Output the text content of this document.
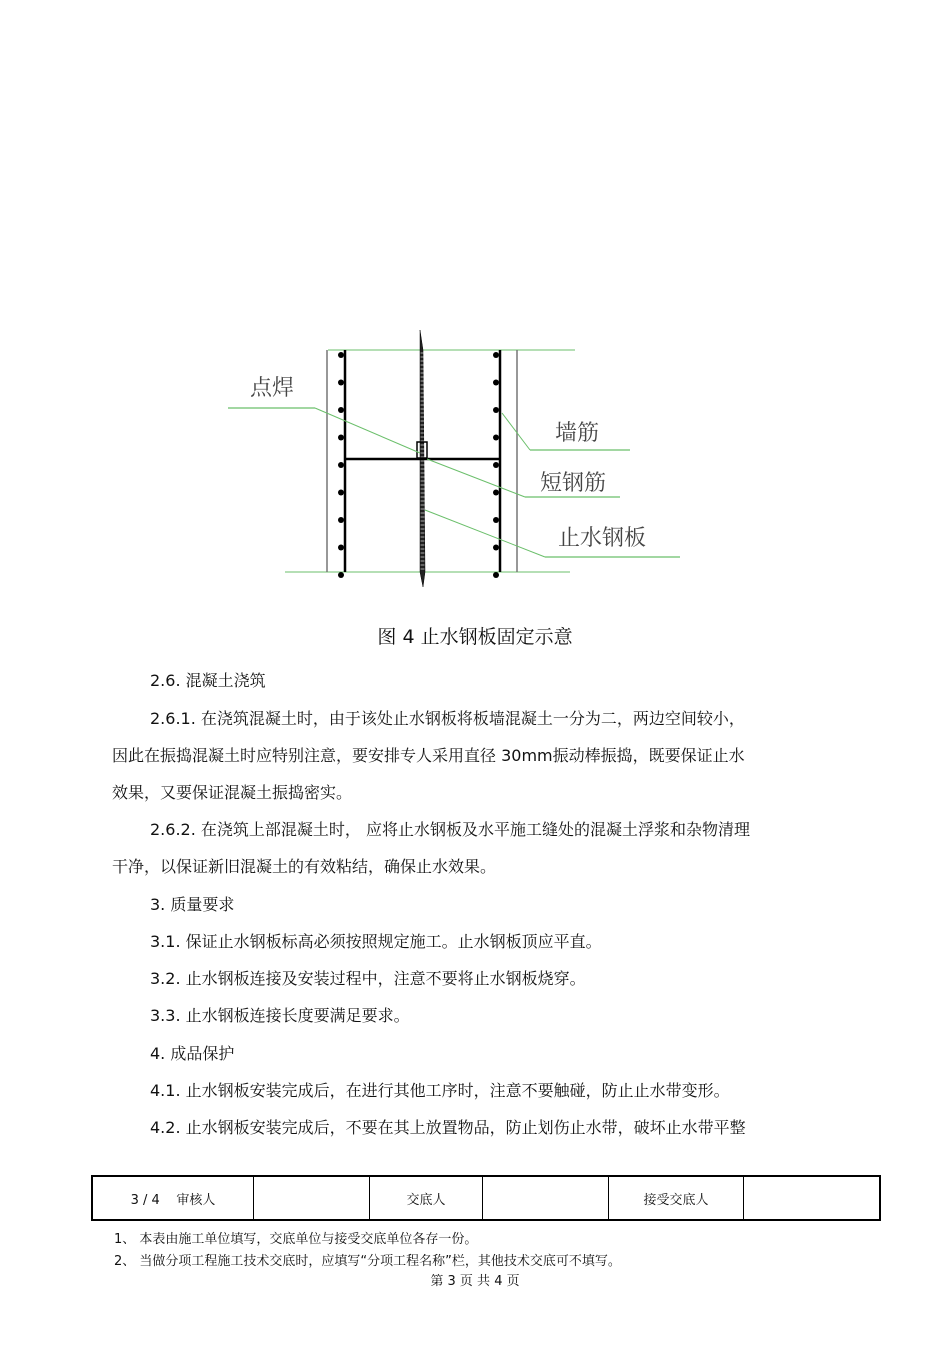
点焊
墙筋
短钢筋
止水钢板
图 4 止水钢板固定示意
2.6. 混凝土浇筑
2.6.1. 在浇筑混凝土时，由于该处止水钢板将板墙混凝土一分为二，两边空间较小，
因此在振捣混凝土时应特别注意，要安排专人采用直径 30mm振动棒振捣，既要保证止水
效果，又要保证混凝土振捣密实。
2.6.2. 在浇筑上部混凝土时， 应将止水钢板及水平施工缝处的混凝土浮浆和杂物清理
干净，以保证新旧混凝土的有效粘结，确保止水效果。
3. 质量要求
3.1. 保证止水钢板标高必须按照规定施工。止水钢板顶应平直。
3.2. 止水钢板连接及安装过程中，注意不要将止水钢板烧穿。
3.3. 止水钢板连接长度要满足要求。
4. 成品保护
4.1. 止水钢板安装完成后，在进行其他工序时，注意不要触碰，防止止水带变形。
4.2. 止水钢板安装完成后，不要在其上放置物品，防止划伤止水带，破坏止水带平整
3 / 4 审核人		交底人		接受交底人	
1、 本表由施工单位填写，交底单位与接受交底单位各存一份。
2、 当做分项工程施工技术交底时，应填写“分项工程名称”栏，其他技术交底可不填写。
第 3 页 共 4 页
